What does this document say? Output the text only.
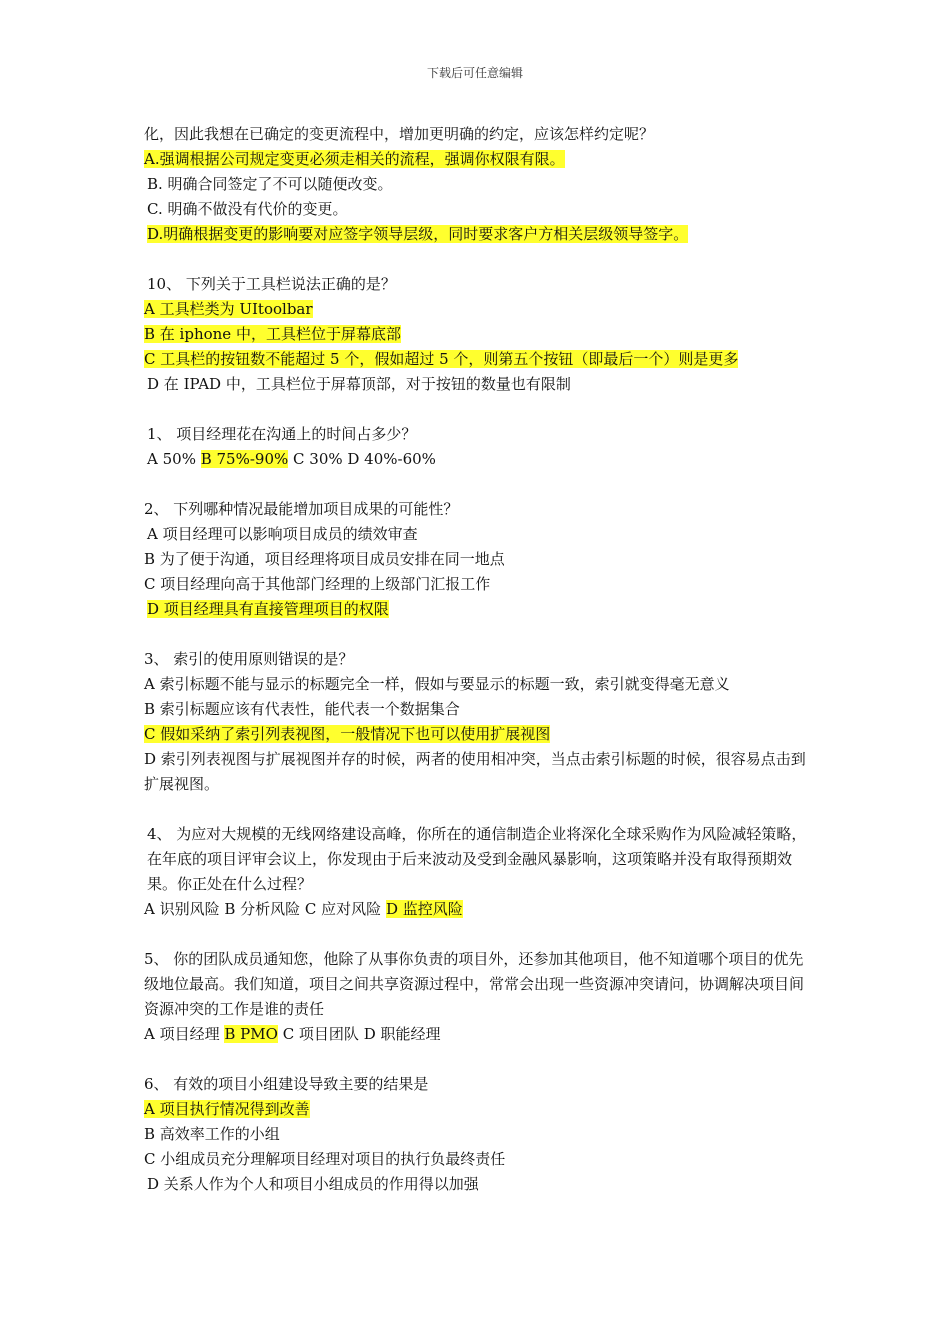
下载后可任意编辑
化，因此我想在已确定的变更流程中，增加更明确的约定，应该怎样约定呢？
A.强调根据公司规定变更必须走相关的流程，强调你权限有限。
B. 明确合同签定了不可以随便改变。
C. 明确不做没有代价的变更。
D.明确根据变更的影响要对应签字领导层级，同时要求客户方相关层级领导签字。
10、 下列关于工具栏说法正确的是？
A 工具栏类为 UItoolbar
B 在 iphone 中，工具栏位于屏幕底部
C 工具栏的按钮数不能超过 5 个，假如超过 5 个，则第五个按钮（即最后一个）则是更多
D 在 IPAD 中，工具栏位于屏幕顶部，对于按钮的数量也有限制
1、 项目经理花在沟通上的时间占多少？
A 50% B 75%-90% C 30% D 40%-60%
2、 下列哪种情况最能增加项目成果的可能性？
A 项目经理可以影响项目成员的绩效审查
B 为了便于沟通，项目经理将项目成员安排在同一地点
C 项目经理向高于其他部门经理的上级部门汇报工作
D 项目经理具有直接管理项目的权限
3、 索引的使用原则错误的是？
A 索引标题不能与显示的标题完全一样，假如与要显示的标题一致，索引就变得毫无意义
B 索引标题应该有代表性，能代表一个数据集合
C 假如采纳了索引列表视图，一般情况下也可以使用扩展视图
D 索引列表视图与扩展视图并存的时候，两者的使用相冲突，当点击索引标题的时候，很容易点击到扩展视图。
4、 为应对大规模的无线网络建设高峰，你所在的通信制造企业将深化全球采购作为风险减轻策略，在年底的项目评审会议上，你发现由于后来波动及受到金融风暴影响，这项策略并没有取得预期效果。你正处在什么过程？
A 识别风险 B 分析风险 C 应对风险 D 监控风险
5、 你的团队成员通知您，他除了从事你负责的项目外，还参加其他项目，他不知道哪个项目的优先级地位最高。我们知道，项目之间共享资源过程中，常常会出现一些资源冲突请问，协调解决项目间资源冲突的工作是谁的责任
A 项目经理 B PMO C 项目团队 D 职能经理
6、 有效的项目小组建设导致主要的结果是
A 项目执行情况得到改善
B 高效率工作的小组
C 小组成员充分理解项目经理对项目的执行负最终责任
D 关系人作为个人和项目小组成员的作用得以加强
